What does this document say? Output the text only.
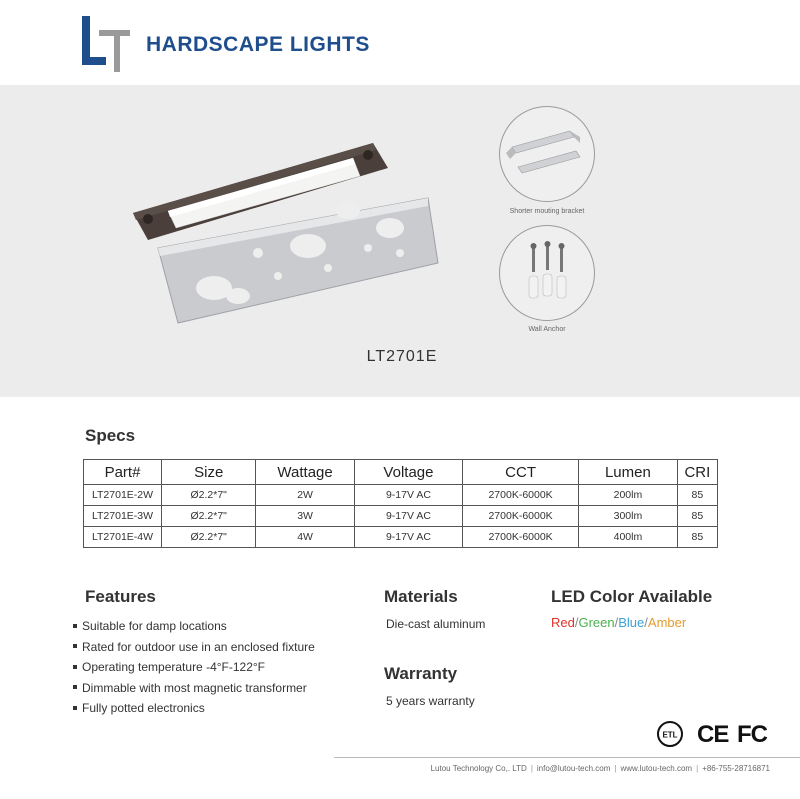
HARDSCAPE LIGHTS
LT2701E
Shorter mouting bracket
Wall Anchor
Specs
Part#	Size	Wattage	Voltage	CCT	Lumen	CRI
LT2701E-2W	Ø2.2*7"	2W	9-17V AC	2700K-6000K	200lm	85
LT2701E-3W	Ø2.2*7"	3W	9-17V AC	2700K-6000K	300lm	85
LT2701E-4W	Ø2.2*7"	4W	9-17V AC	2700K-6000K	400lm	85
Features
Suitable for damp locations
Rated for outdoor use in an enclosed fixture
Operating temperature -4°F-122°F
Dimmable with most magnetic transformer
Fully potted electronics
Materials
Die-cast aluminum
Warranty
5 years warranty
LED Color Available
Red/Green/Blue/Amber
ETL CE FC
Lutou Technology Co,. LTD | info@lutou-tech.com | www.lutou-tech.com | +86-755-28716871
